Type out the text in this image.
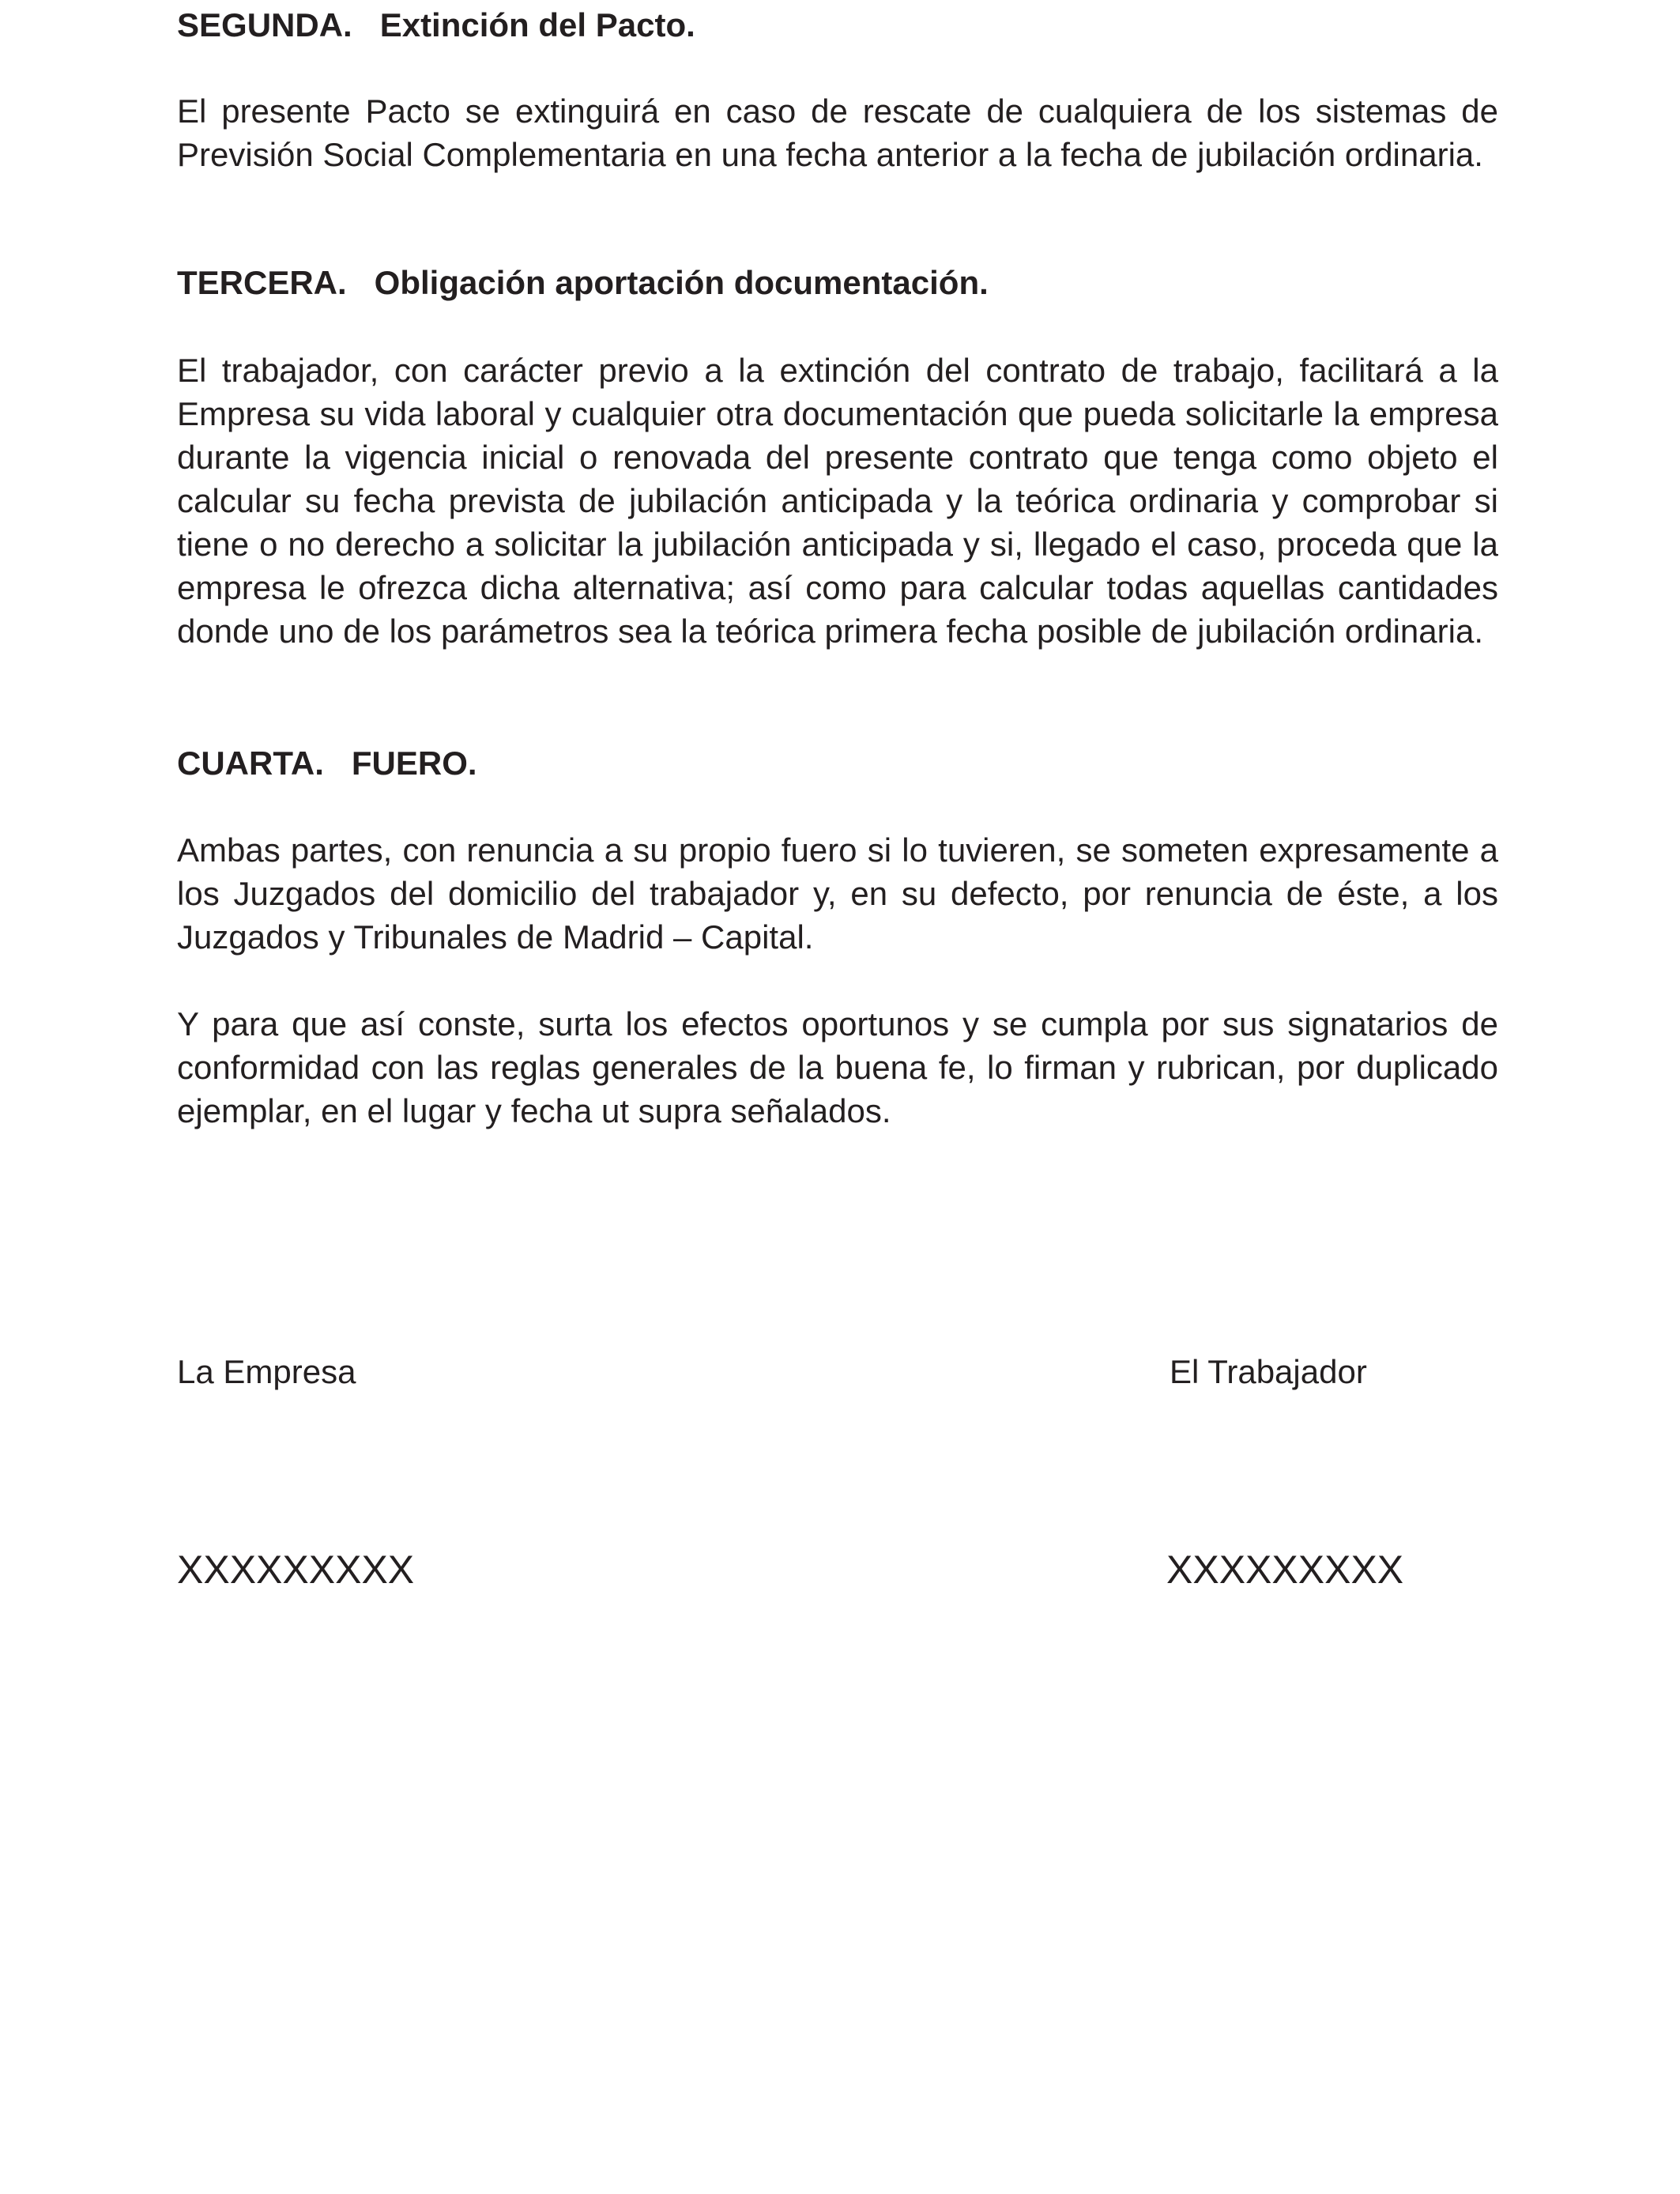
SEGUNDA.   Extinción del Pacto.

El presente Pacto se extinguirá en caso de rescate de cualquiera de los sistemas de Previsión Social Complementaria en una fecha anterior a la fecha de jubilación ordinaria.

TERCERA.   Obligación aportación documentación.

El trabajador, con carácter previo a la extinción del contrato de trabajo, facilitará a la Empresa su vida laboral y cualquier otra documentación que pueda solicitarle la empresa durante la vigencia inicial o renovada del presente contrato que tenga como objeto el calcular su fecha prevista de jubilación anticipada y la teórica ordinaria y comprobar si tiene o no derecho a solicitar la jubilación anticipada y si, llegado el caso, proceda que la empresa le ofrezca dicha alternativa; así como para calcular todas aquellas cantidades donde uno de los parámetros sea la teórica primera fecha posible de jubilación ordinaria.

CUARTA.   FUERO.

Ambas partes, con renuncia a su propio fuero si lo tuvieren, se someten expresamente a los Juzgados del domicilio del trabajador y, en su defecto, por renuncia de éste, a los Juzgados y Tribunales de Madrid – Capital.

Y para que así conste, surta los efectos oportunos y se cumpla por sus signatarios de conformidad con las reglas generales de la buena fe, lo firman y rubrican, por duplicado ejemplar, en el lugar y fecha ut supra señalados.

La Empresa	El Trabajador

XXXXXXXXX	XXXXXXXXX
